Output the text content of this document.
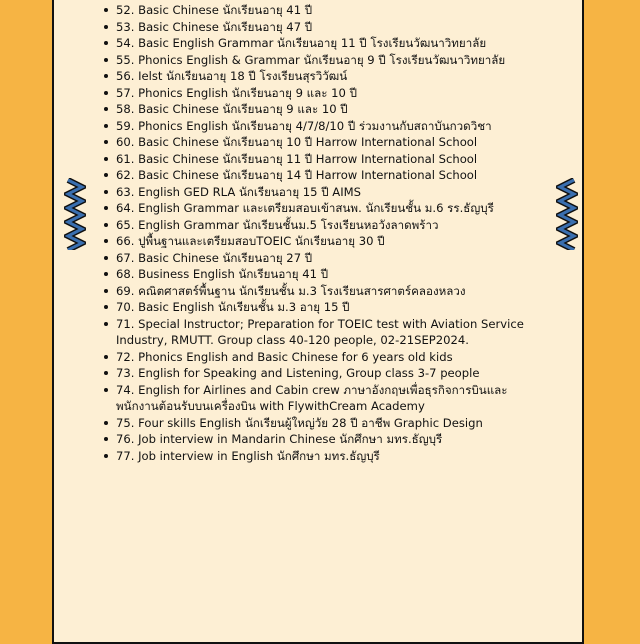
52. Basic Chinese นักเรียนอายุ 41 ปี
53. Basic Chinese นักเรียนอายุ 47 ปี
54. Basic English Grammar นักเรียนอายุ 11 ปี โรงเรียนวัฒนาวิทยาลัย
55. Phonics English & Grammar นักเรียนอายุ 9 ปี โรงเรียนวัฒนาวิทยาลัย
56. Ielst นักเรียนอายุ 18 ปี โรงเรียนสุรวิวัฒน์
57. Phonics English นักเรียนอายุ 9 และ 10 ปี
58. Basic Chinese นักเรียนอายุ 9 และ 10 ปี
59. Phonics English นักเรียนอายุ 4/7/8/10 ปี ร่วมงานกับสถาบันกวดวิชา
60. Basic Chinese นักเรียนอายุ 10 ปี Harrow International School
61. Basic Chinese นักเรียนอายุ 11 ปี Harrow International School
62. Basic Chinese นักเรียนอายุ 14 ปี Harrow International School
63. English GED RLA นักเรียนอายุ 15 ปี AIMS
64. English Grammar และเตรียมสอบเข้าสนพ. นักเรียนชั้น ม.6 รร.ธัญบุรี
65. English Grammar นักเรียนชั้นม.5 โรงเรียนหอวังลาดพร้าว
66. ปูพื้นฐานและเตรียมสอบTOEIC นักเรียนอายุ 30 ปี
67. Basic Chinese นักเรียนอายุ 27 ปี
68. Business English นักเรียนอายุ 41 ปี
69. คณิตศาสตร์พื้นฐาน นักเรียนชั้น ม.3 โรงเรียนสารศาตร์คลองหลวง
70. Basic English นักเรียนชั้น ม.3 อายุ 15 ปี
71. Special Instructor; Preparation for TOEIC test with Aviation Service Industry, RMUTT. Group class 40-120 people, 02-21SEP2024.
72. Phonics English and Basic Chinese for 6 years old kids
73. English for Speaking and Listening, Group class 3-7 people
74. English for Airlines and Cabin crew ภาษาอังกฤษเพื่อธุรกิจการบินและพนักงานต้อนรับบนเครื่องบิน with FlywithCream Academy
75. Four skills English นักเรียนผู้ใหญ่วัย 28 ปี อาชีพ Graphic Design
76. Job interview in Mandarin Chinese นักศึกษา มทร.ธัญบุรี
77. Job interview in English นักศึกษา มทร.ธัญบุรี
